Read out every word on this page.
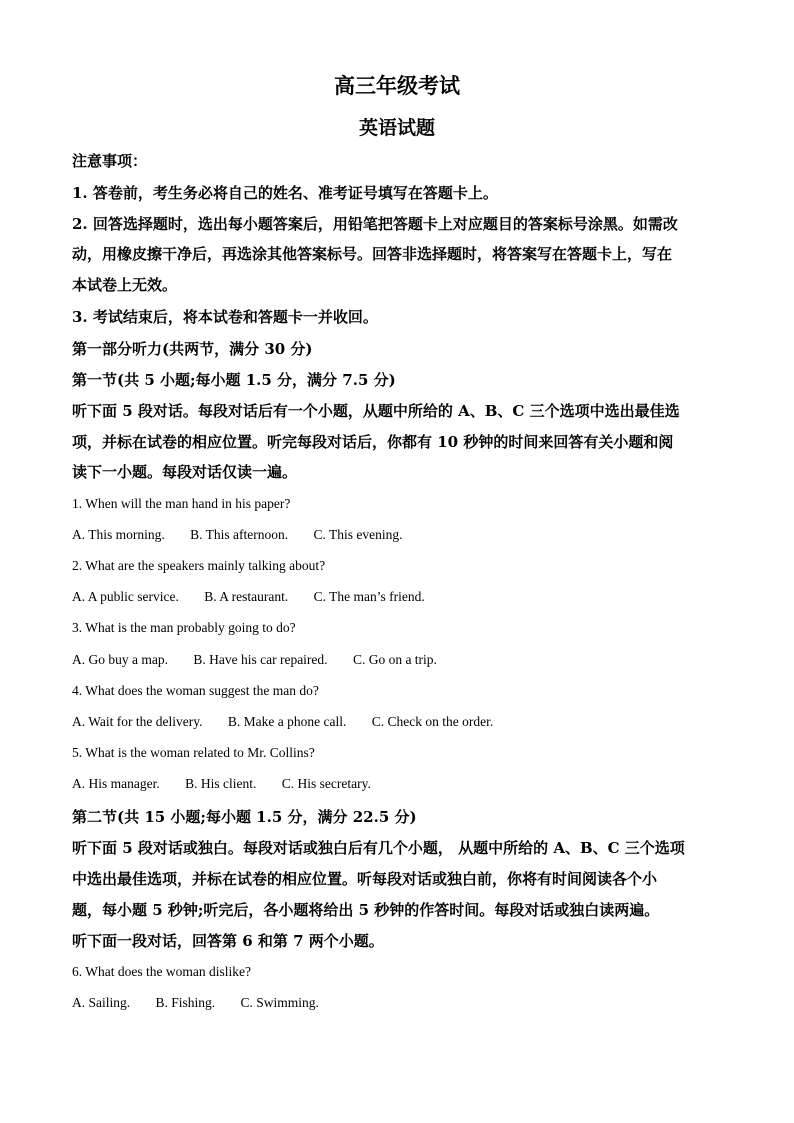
高三年级考试
英语试题
注意事项：
1. 答卷前，考生务必将自己的姓名、准考证号填写在答题卡上。
2. 回答选择题时，选出每小题答案后，用铅笔把答题卡上对应题目的答案标号涂黑。如需改
动，用橡皮擦干净后，再选涂其他答案标号。回答非选择题时，将答案写在答题卡上，写在
本试卷上无效。
3. 考试结束后，将本试卷和答题卡一并收回。
第一部分听力(共两节，满分 30 分)
第一节(共 5 小题;每小题 1.5 分，满分 7.5 分)
听下面 5 段对话。每段对话后有一个小题，从题中所给的 A、B、C 三个选项中选出最佳选
项，并标在试卷的相应位置。听完每段对话后，你都有 10 秒钟的时间来回答有关小题和阅
读下一小题。每段对话仅读一遍。
1. When will the man hand in his paper?
A. This morning. B. This afternoon. C. This evening.
2. What are the speakers mainly talking about?
A. A public service. B. A restaurant. C. The man’s friend.
3. What is the man probably going to do?
A. Go buy a map. B. Have his car repaired. C. Go on a trip.
4. What does the woman suggest the man do?
A. Wait for the delivery. B. Make a phone call. C. Check on the order.
5. What is the woman related to Mr. Collins?
A. His manager. B. His client. C. His secretary.
第二节(共 15 小题;每小题 1.5 分，满分 22.5 分)
听下面 5 段对话或独白。每段对话或独白后有几个小题， 从题中所给的 A、B、C 三个选项
中选出最佳选项，并标在试卷的相应位置。听每段对话或独白前，你将有时间阅读各个小
题，每小题 5 秒钟;听完后，各小题将给出 5 秒钟的作答时间。每段对话或独白读两遍。
听下面一段对话，回答第 6 和第 7 两个小题。
6. What does the woman dislike?
A. Sailing. B. Fishing. C. Swimming.
